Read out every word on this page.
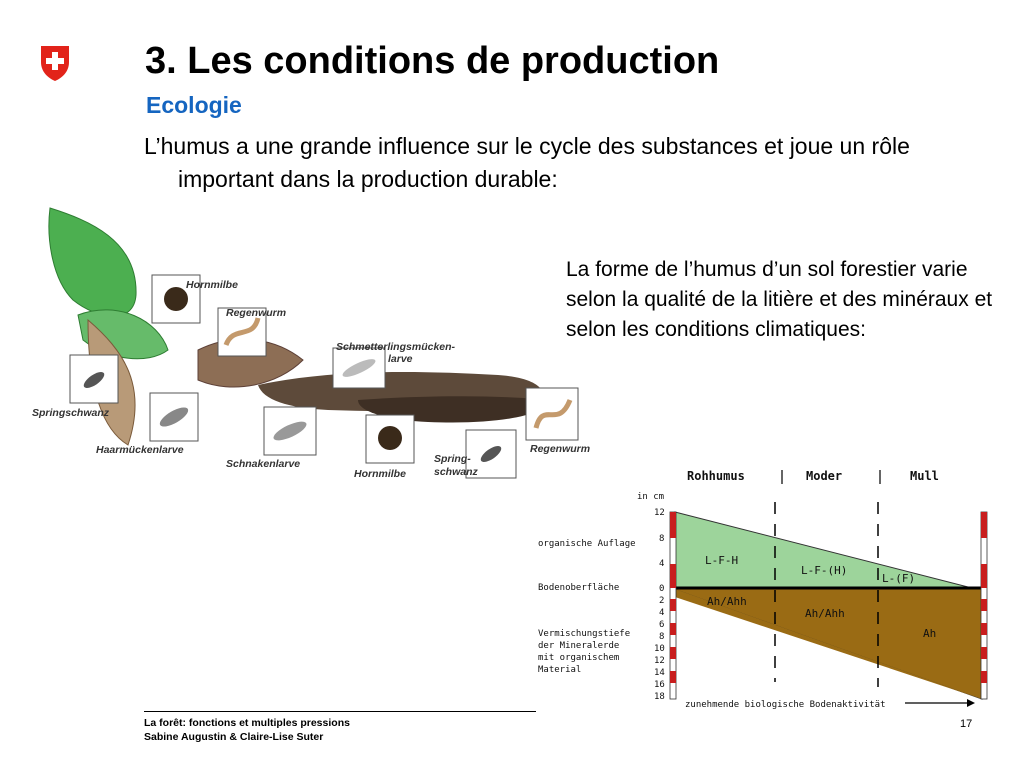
3. Les conditions de production
Ecologie
L’humus a une grande influence sur le cycle des substances et joue un rôle important dans la production durable:
La forme de l’humus d’un sol forestier varie selon la qualité de la litière et des minéraux et selon les conditions climatiques:
Hornmilbe
Regenwurm
Schmetterlingsmücken-
larve
Springschwanz
Haarmückenlarve
Schnakenlarve
Hornmilbe
Spring-
schwanz
Regenwurm
Rohhumus	Moder	Mull
in cm
12
8
4
0
2
4
6
8
10
12
14
16
18
organische Auflage
Bodenoberfläche
Vermischungstiefe
der Mineralerde
mit organischem
Material
L-F-H
L-F-(H)
L-(F)
Ah/Ahh
Ah/Ahh
Ah
zunehmende biologische Bodenaktivität
La forêt: fonctions et multiples pressions
Sabine Augustin & Claire-Lise Suter
17
